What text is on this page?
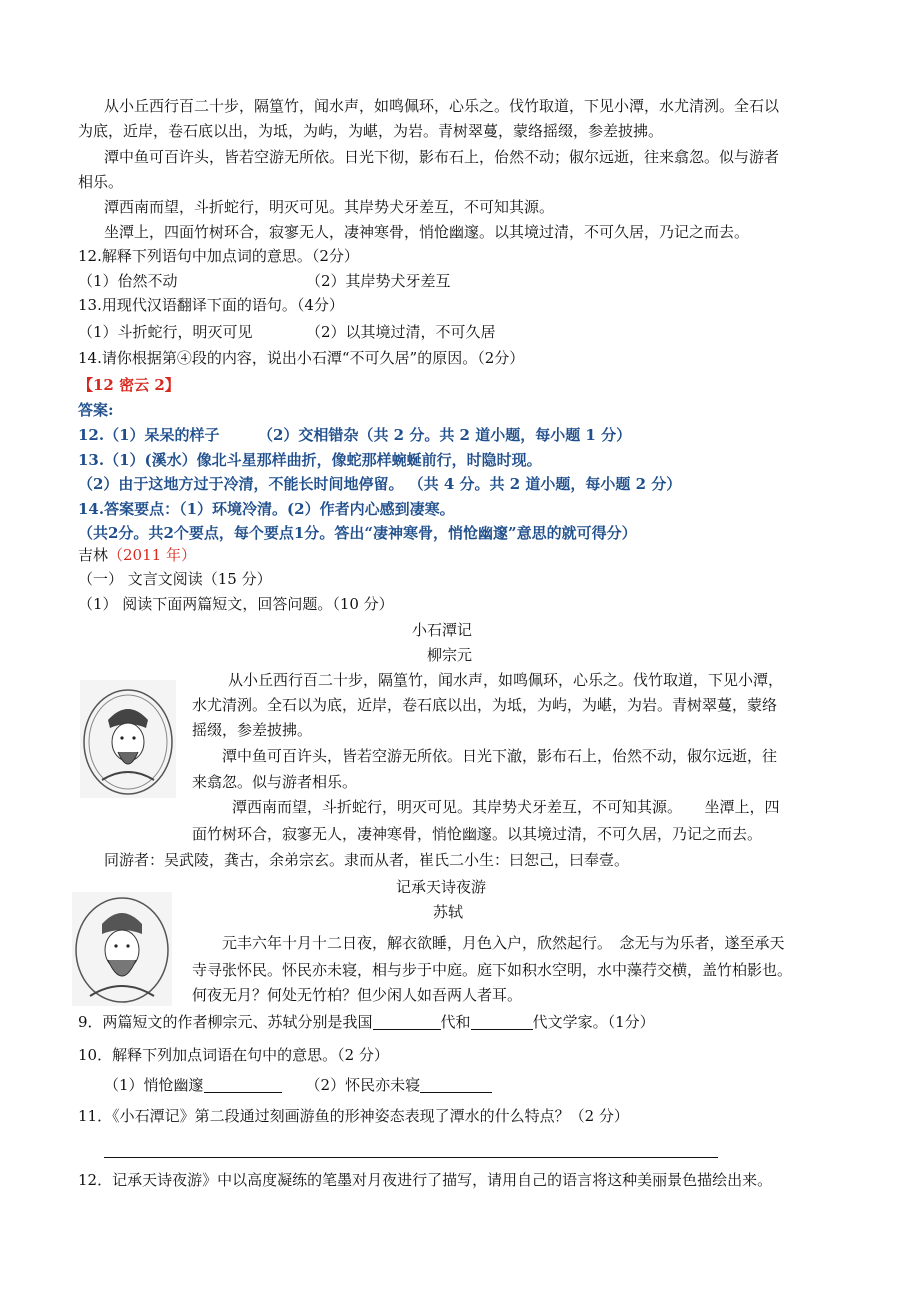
从小丘西行百二十步，隔篁竹，闻水声，如鸣佩环，心乐之。伐竹取道，下见小潭，水尤清洌。全石以
为底，近岸，卷石底以出，为坻，为屿，为嵁，为岩。青树翠蔓，蒙络摇缀，参差披拂。
潭中鱼可百许头，皆若空游无所依。日光下彻，影布石上，佁然不动；俶尔远逝，往来翕忽。似与游者
相乐。
潭西南而望，斗折蛇行，明灭可见。其岸势犬牙差互，不可知其源。
坐潭上，四面竹树环合，寂寥无人，凄神寒骨，悄怆幽邃。以其境过清，不可久居，乃记之而去。
12.解释下列语句中加点词的意思。（2分）
（1）佁然不动	（2）其岸势犬牙差互
13.用现代汉语翻译下面的语句。（4分）
（1）斗折蛇行，明灭可见	（2）以其境过清，不可久居
14.请你根据第④段的内容，说出小石潭“不可久居”的原因。（2分）
【12 密云 2】
答案:
12.（1）呆呆的样子	（2）交相错杂（共 2 分。共 2 道小题，每小题 1 分）
13.（1）(溪水）像北斗星那样曲折，像蛇那样蜿蜒前行，时隐时现。
（2）由于这地方过于冷清，不能长时间地停留。 （共 4 分。共 2 道小题，每小题 2 分）
14.答案要点：（1）环境冷清。(2）作者内心感到凄寒。
（共2分。共2个要点，每个要点1分。答出“凄神寒骨，悄怆幽邃”意思的就可得分）
吉林（2011 年）
（一） 文言文阅读（15 分）
（1） 阅读下面两篇短文，回答问题。（10 分）
小石潭记
柳宗元
从小丘西行百二十步，隔篁竹，闻水声，如鸣佩环，心乐之。伐竹取道，下见小潭，
水尤清洌。全石以为底，近岸，卷石底以出，为坻，为屿，为嵁，为岩。青树翠蔓，蒙络
摇缀，参差披拂。
潭中鱼可百许头，皆若空游无所依。日光下澈，影布石上，佁然不动，俶尔远逝，往
来翕忽。似与游者相乐。
潭西南而望，斗折蛇行，明灭可见。其岸势犬牙差互，不可知其源。　　坐潭上，四
面竹树环合，寂寥无人，凄神寒骨，悄怆幽邃。以其境过清，不可久居，乃记之而去。
同游者：吴武陵，龚古，余弟宗玄。隶而从者，崔氏二小生：曰恕己，曰奉壹。
记承天诗夜游
苏轼
元丰六年十月十二日夜，解衣欲睡，月色入户，欣然起行。　念无与为乐者，遂至承天
寺寻张怀民。怀民亦未寝，相与步于中庭。庭下如积水空明，水中藻荇交横，盖竹柏影也。
何夜无月？何处无竹柏？但少闲人如吾两人者耳。
9．两篇短文的作者柳宗元、苏轼分别是我国	代和	代文学家。（1分）
10．解释下列加点词语在句中的意思。（2 分）
（1）悄怆幽邃	（2）怀民亦未寝
11．《小石潭记》第二段通过刻画游鱼的形神姿态表现了潭水的什么特点？（2 分）
12．记承天诗夜游》中以高度凝练的笔墨对月夜进行了描写，请用自己的语言将这种美丽景色描绘出来。
